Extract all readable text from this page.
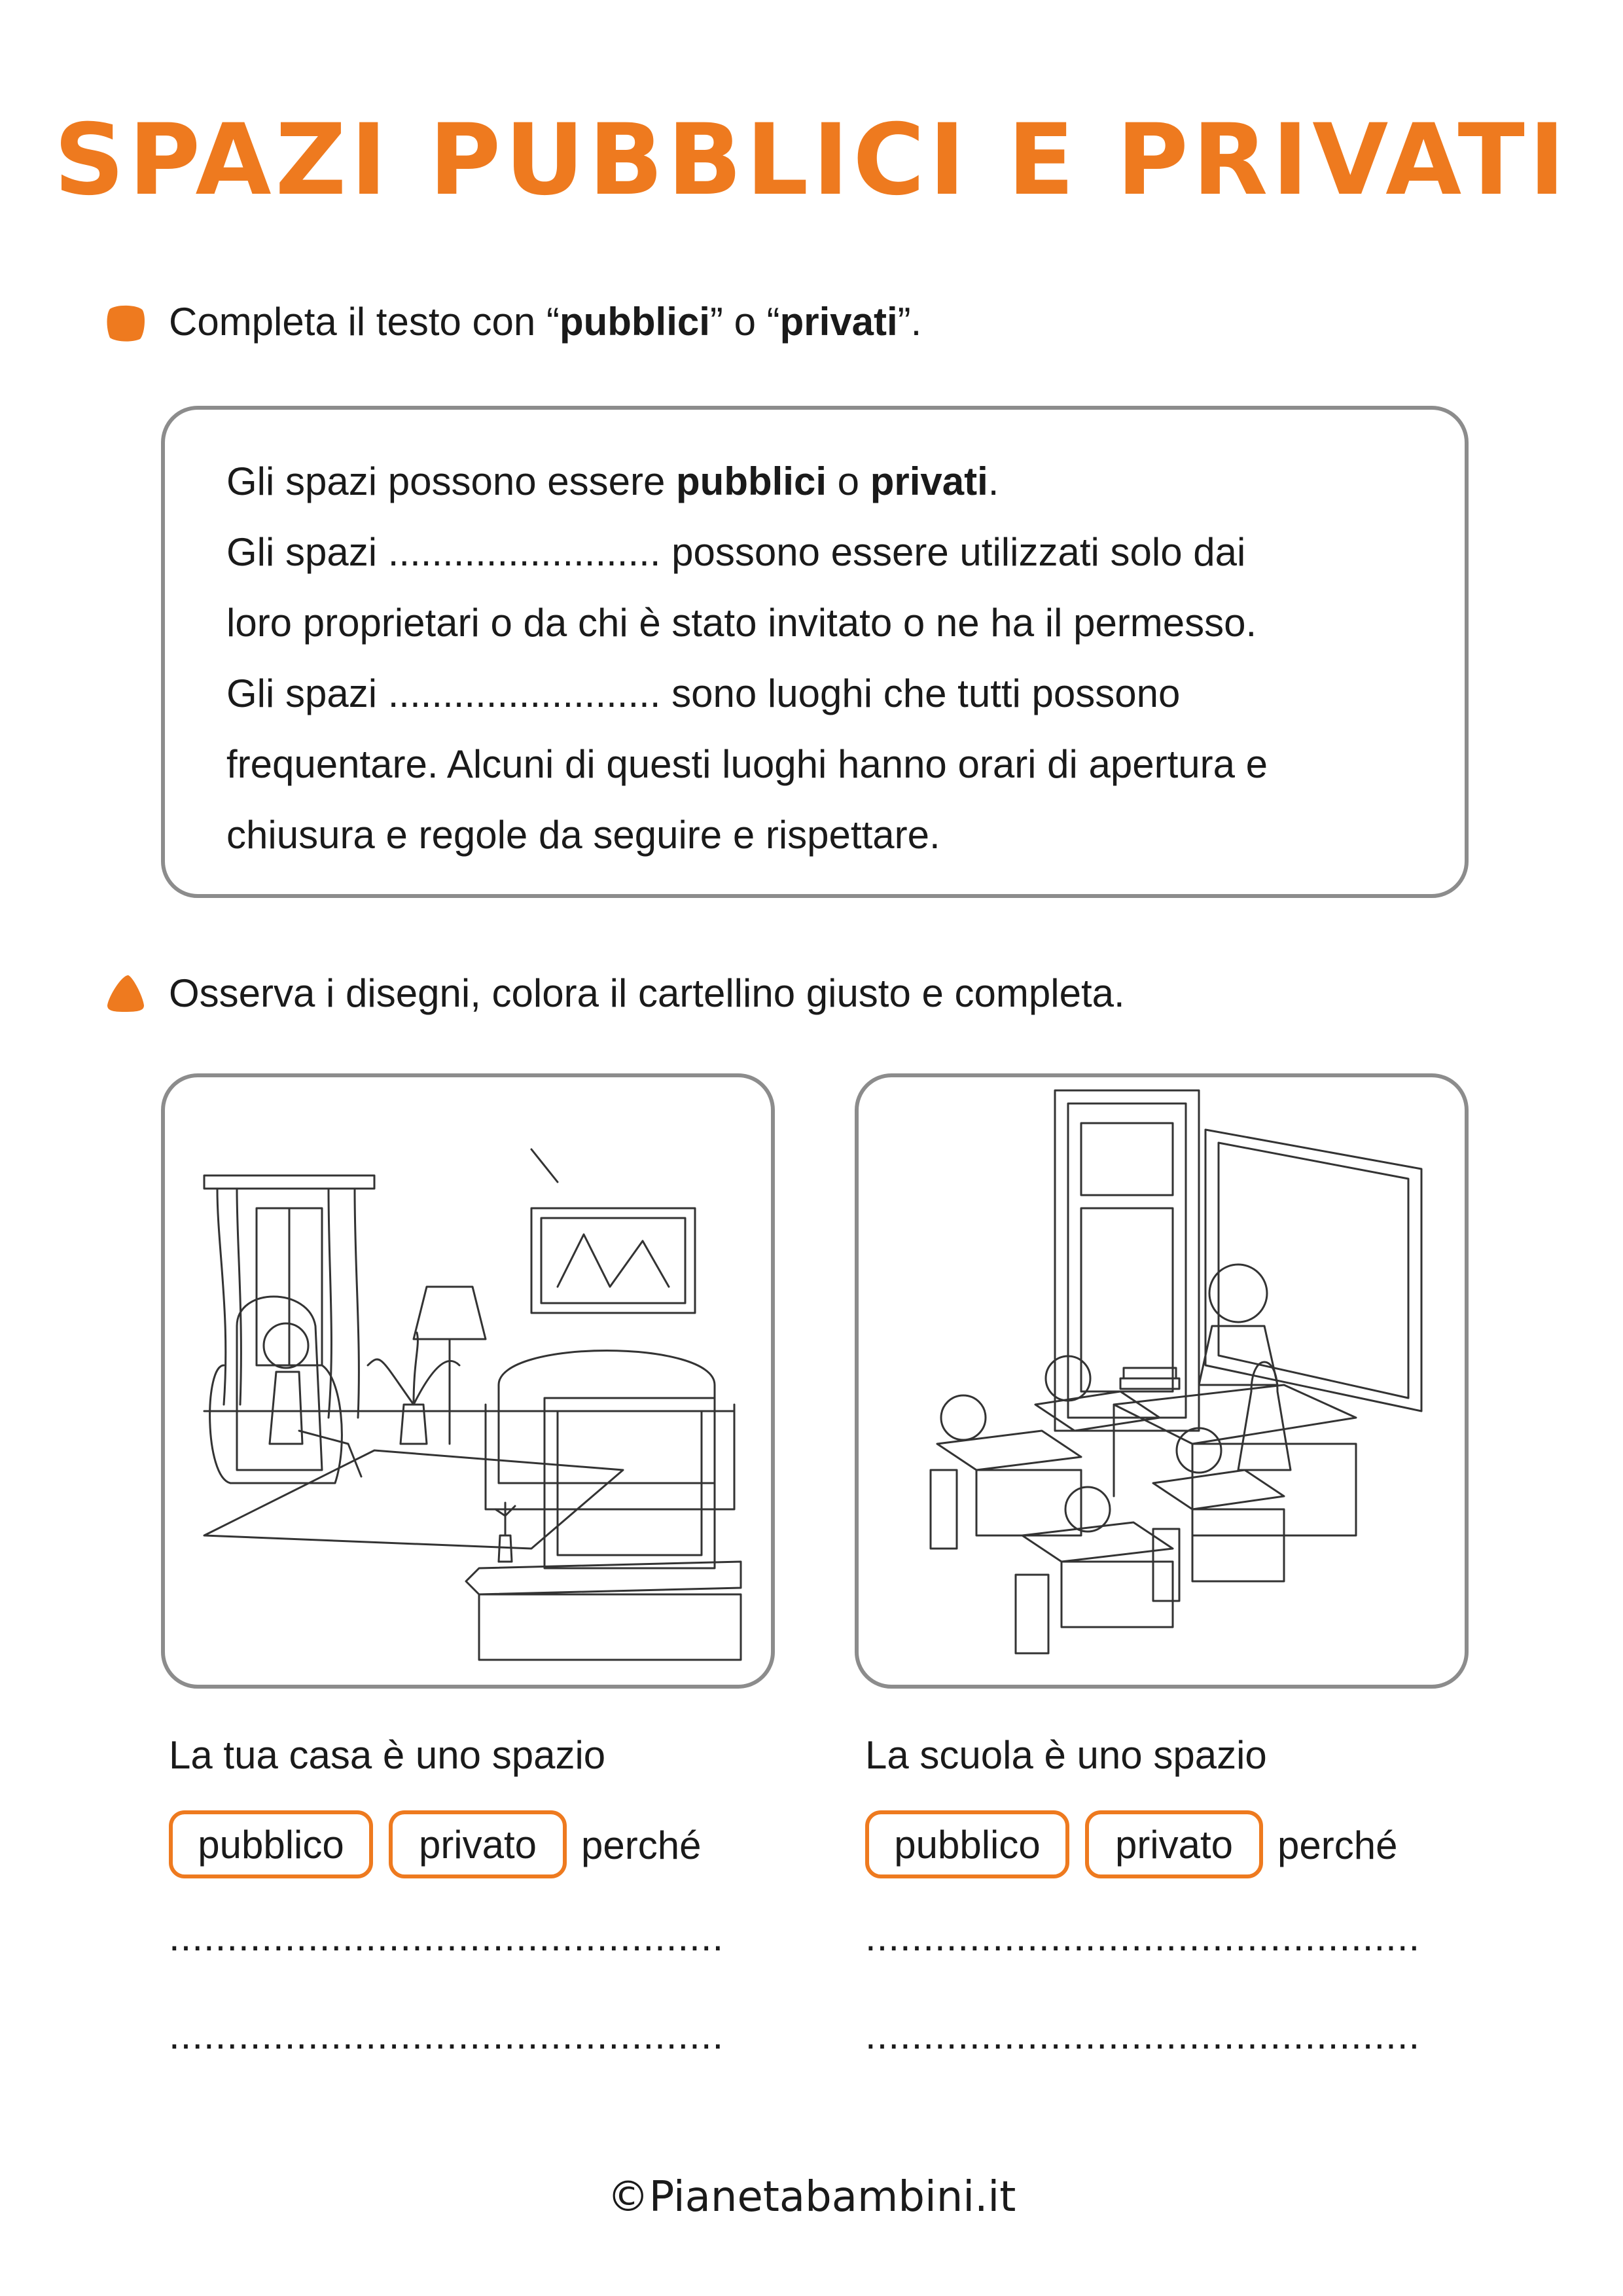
SPAZI PUBBLICI E PRIVATI
Completa il testo con “pubblici” o “privati”.

Gli spazi possono essere pubblici o privati.

Gli spazi ......................... possono essere utilizzati solo dai

loro proprietari o da chi è stato invitato o ne ha il permesso.

Gli spazi ......................... sono luoghi che tutti possono

frequentare. Alcuni di questi luoghi hanno orari di apertura e

chiusura e regole da seguire e rispettare.

Osserva i disegni, colora il cartellino giusto e completa.
La tua casa è uno spazio
pubblico	privato	perché
................................................
................................................
La scuola è uno spazio
pubblico	privato	perché
................................................
................................................
©Pianetabambini.it
